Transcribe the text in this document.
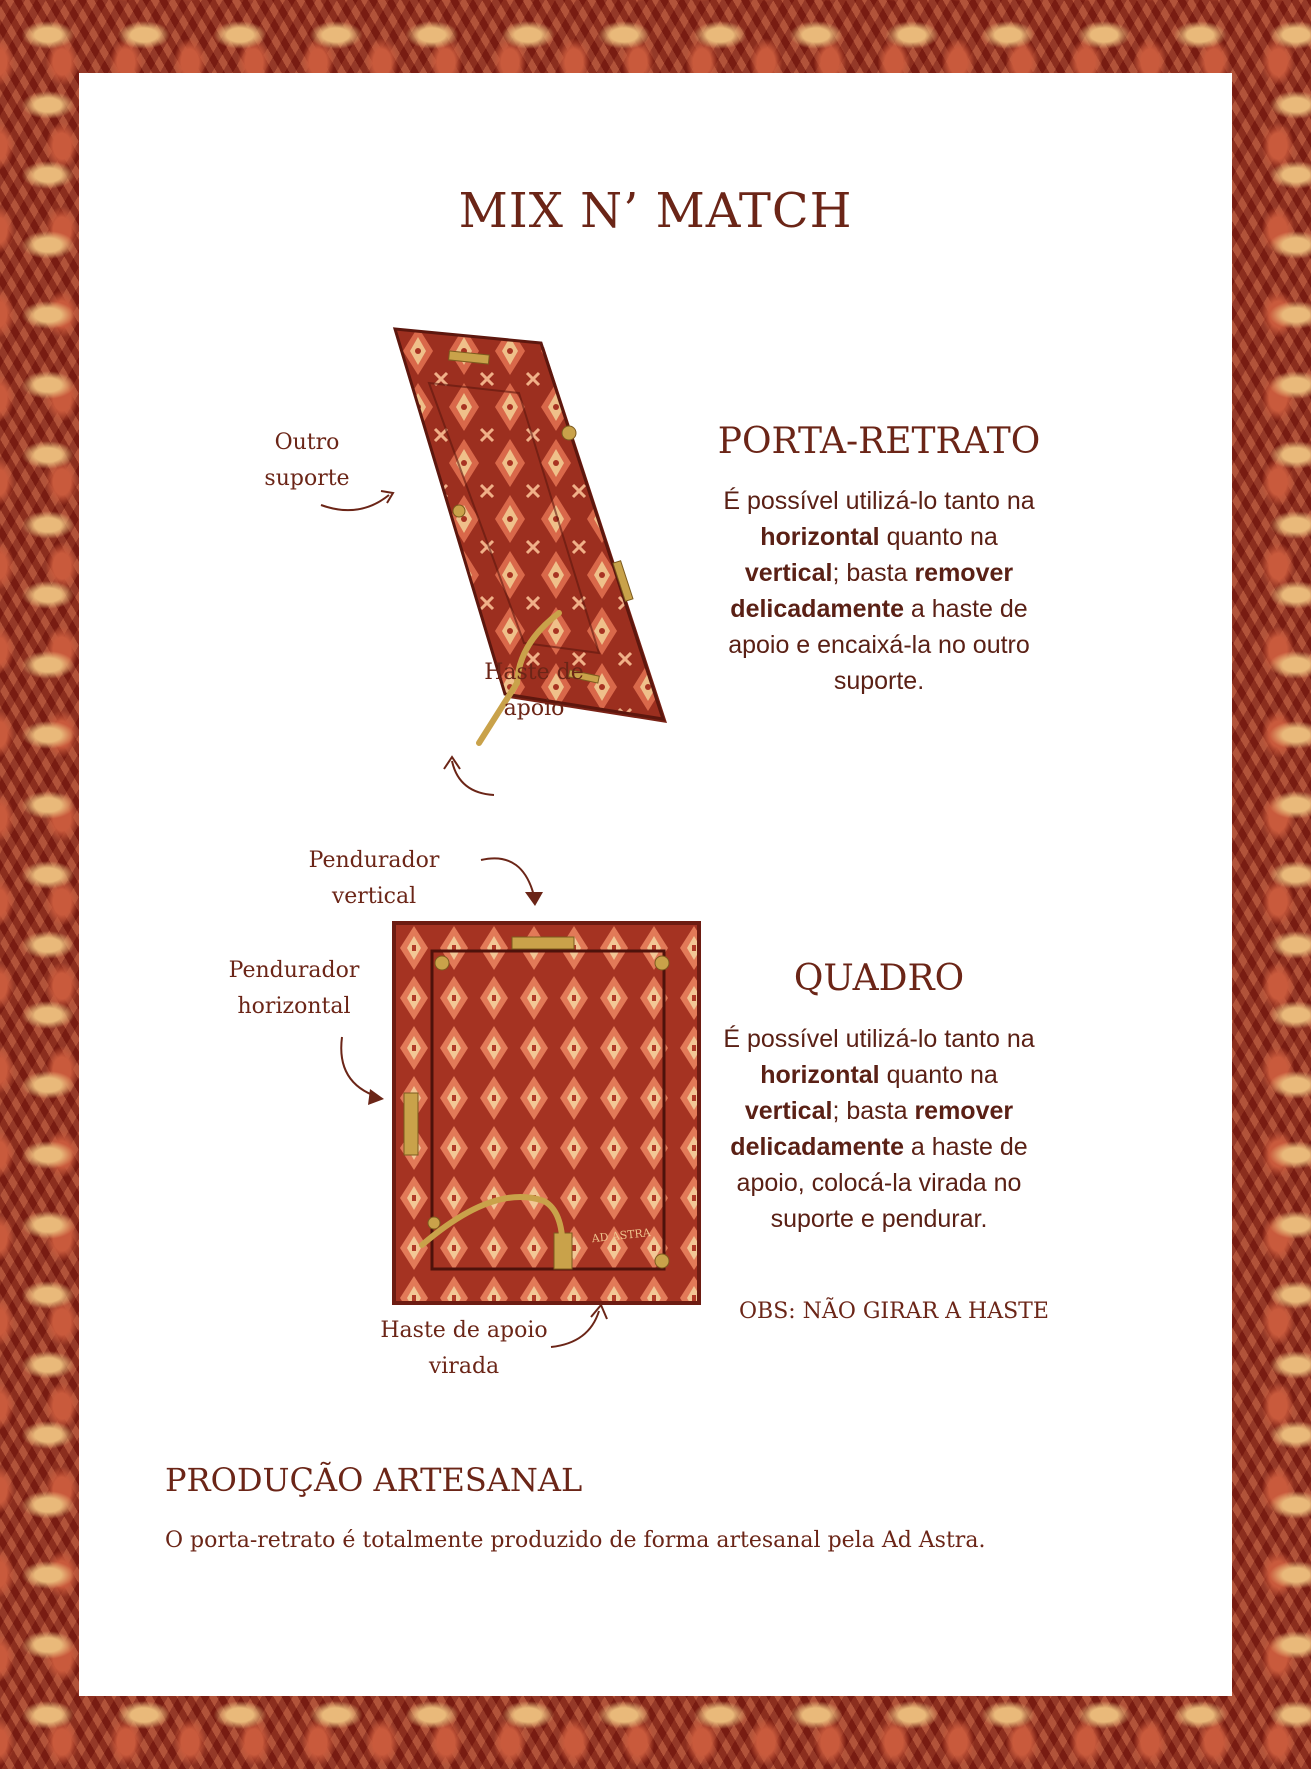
MIX N’ MATCH
Outro
suporte
Haste de
apoio
PORTA-RETRATO
É possível utilizá-lo tanto na
horizontal quanto na
vertical; basta remover
delicadamente a haste de
apoio e encaixá-la no outro
suporte.
AD ASTRA
Pendurador
vertical
Pendurador
horizontal
Haste de apoio
virada
QUADRO
É possível utilizá-lo tanto na
horizontal quanto na
vertical; basta remover
delicadamente a haste de
apoio, colocá-la virada no
suporte e pendurar.
OBS: NÃO GIRAR A HASTE
PRODUÇÃO ARTESANAL
O porta-retrato é totalmente produzido de forma artesanal pela Ad Astra.
